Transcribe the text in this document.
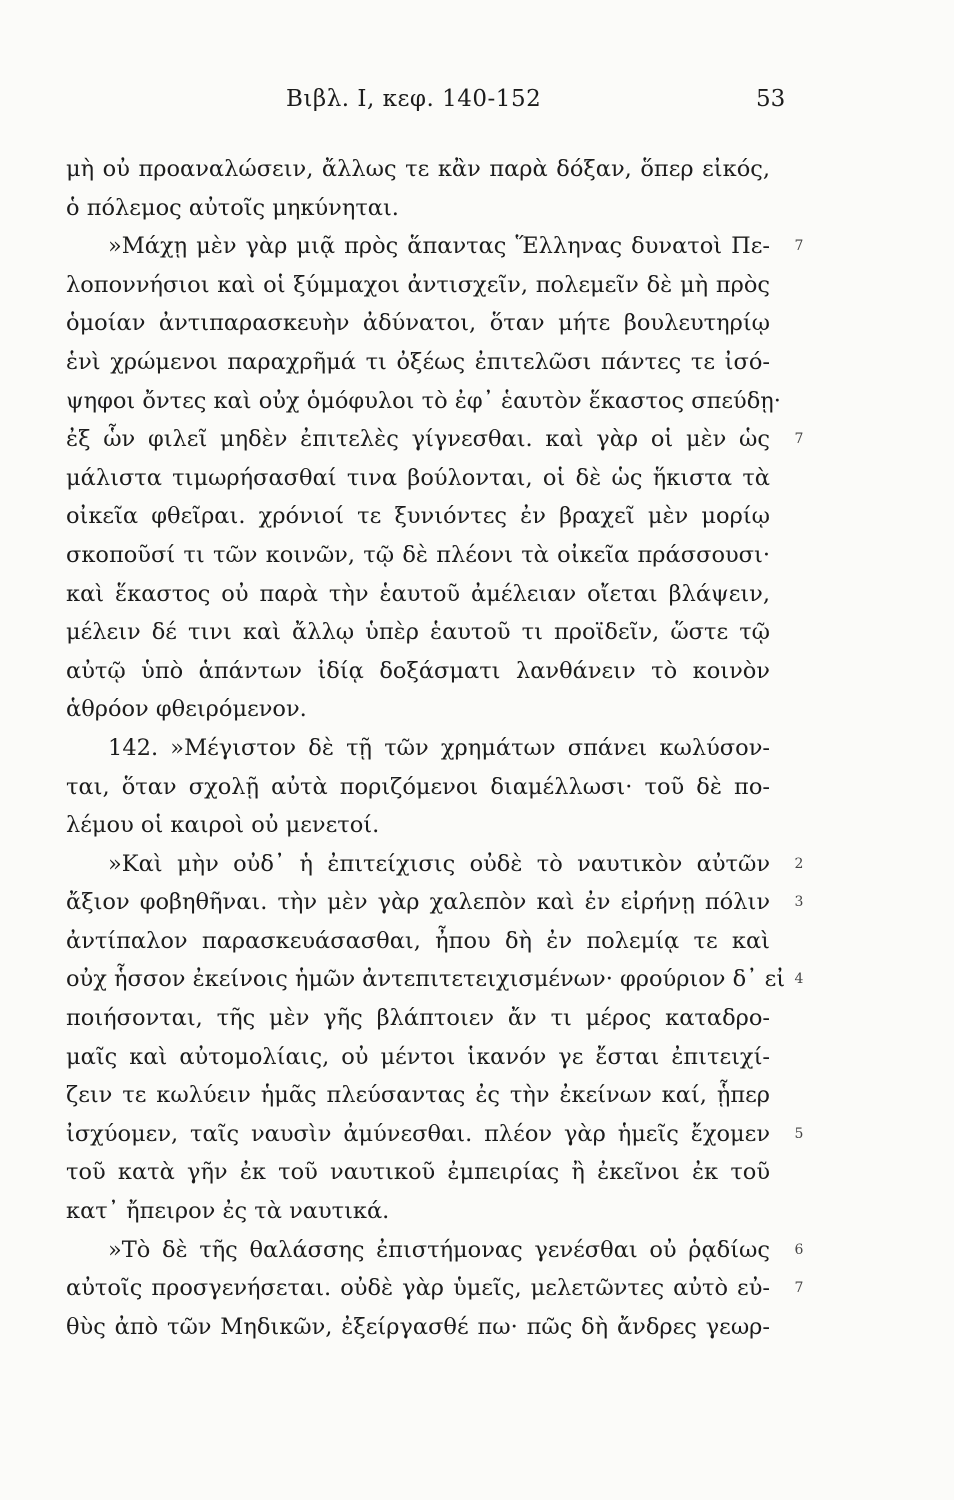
Βιβλ. I, κεφ. 140-152	53
μὴ οὐ προαναλώσειν, ἄλλως τε κἂν παρὰ δόξαν, ὅπερ εἰκός,
ὁ πόλεμος αὐτοῖς μηκύνηται.
»Μάχῃ μὲν γὰρ μιᾷ πρὸς ἅπαντας Ἕλληνας δυνατοὶ Πε-	7
λοποννήσιοι καὶ οἱ ξύμμαχοι ἀντισχεῖν, πολεμεῖν δὲ μὴ πρὸς
ὁμοίαν ἀντιπαρασκευὴν ἀδύνατοι, ὅταν μήτε βουλευτηρίῳ
ἑνὶ χρώμενοι παραχρῆμά τι ὀξέως ἐπιτελῶσι πάντες τε ἰσό-
ψηφοι ὄντες καὶ οὐχ ὁμόφυλοι τὸ ἐφ᾽ ἑαυτὸν ἕκαστος σπεύδῃ·
ἐξ ὧν φιλεῖ μηδὲν ἐπιτελὲς γίγνεσθαι. καὶ γὰρ οἱ μὲν ὡς	7
μάλιστα τιμωρήσασθαί τινα βούλονται, οἱ δὲ ὡς ἥκιστα τὰ
οἰκεῖα φθεῖραι. χρόνιοί τε ξυνιόντες ἐν βραχεῖ μὲν μορίῳ
σκοποῦσί τι τῶν κοινῶν, τῷ δὲ πλέονι τὰ οἰκεῖα πράσσουσι·
καὶ ἕκαστος οὐ παρὰ τὴν ἑαυτοῦ ἀμέλειαν οἴεται βλάψειν,
μέλειν δέ τινι καὶ ἄλλῳ ὑπὲρ ἑαυτοῦ τι προϊδεῖν, ὥστε τῷ
αὐτῷ ὑπὸ ἁπάντων ἰδίᾳ δοξάσματι λανθάνειν τὸ κοινὸν
ἁθρόον φθειρόμενον.
142. »Μέγιστον δὲ τῇ τῶν χρημάτων σπάνει κωλύσον-
ται, ὅταν σχολῇ αὐτὰ ποριζόμενοι διαμέλλωσι· τοῦ δὲ πο-
λέμου οἱ καιροὶ οὐ μενετοί.
»Καὶ μὴν οὐδ᾽ ἡ ἐπιτείχισις οὐδὲ τὸ ναυτικὸν αὐτῶν	2
ἄξιον φοβηθῆναι. τὴν μὲν γὰρ χαλεπὸν καὶ ἐν εἰρήνῃ πόλιν	3
ἀντίπαλον παρασκευάσασθαι, ἦπου δὴ ἐν πολεμίᾳ τε καὶ
οὐχ ἧσσον ἐκείνοις ἡμῶν ἀντεπιτετειχισμένων· φρούριον δ᾽ εἰ 4
ποιήσονται, τῆς μὲν γῆς βλάπτοιεν ἄν τι μέρος καταδρο-
μαῖς καὶ αὐτομολίαις, οὐ μέντοι ἱκανόν γε ἔσται ἐπιτειχί-
ζειν τε κωλύειν ἡμᾶς πλεύσαντας ἐς τὴν ἐκείνων καί, ᾗπερ
ἰσχύομεν, ταῖς ναυσὶν ἀμύνεσθαι. πλέον γὰρ ἡμεῖς ἔχομεν	5
τοῦ κατὰ γῆν ἐκ τοῦ ναυτικοῦ ἐμπειρίας ἢ ἐκεῖνοι ἐκ τοῦ
κατ᾽ ἤπειρον ἐς τὰ ναυτικά.
»Τὸ δὲ τῆς θαλάσσης ἐπιστήμονας γενέσθαι οὐ ῥᾳδίως	6
αὐτοῖς προσγενήσεται. οὐδὲ γὰρ ὑμεῖς, μελετῶντες αὐτὸ εὐ-	7
θὺς ἀπὸ τῶν Μηδικῶν, ἐξείργασθέ πω· πῶς δὴ ἄνδρες γεωρ-
